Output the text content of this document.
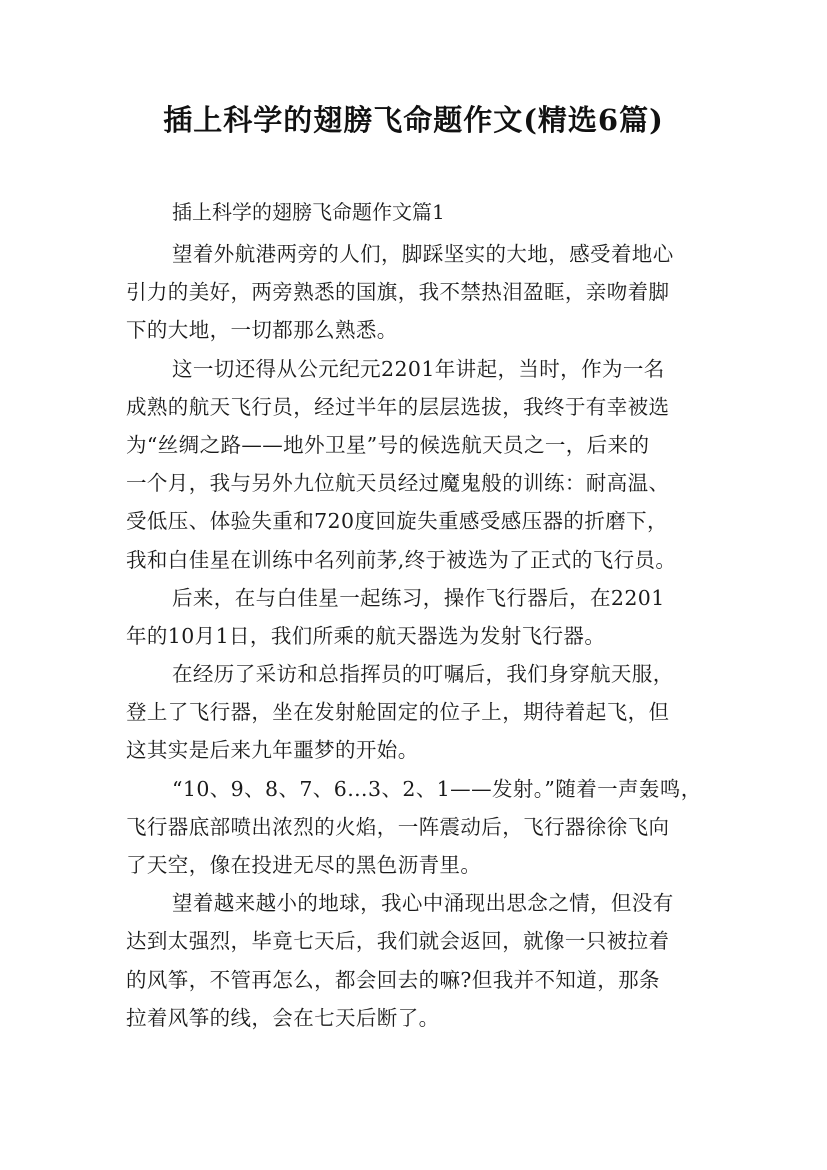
插上科学的翅膀飞命题作文(精选6篇)
插上科学的翅膀飞命题作文篇1
望着外航港两旁的人们，脚踩坚实的大地，感受着地心
引力的美好，两旁熟悉的国旗，我不禁热泪盈眶，亲吻着脚
下的大地，一切都那么熟悉。
这一切还得从公元纪元2201年讲起，当时，作为一名
成熟的航天飞行员，经过半年的层层选拔，我终于有幸被选
为“丝绸之路——地外卫星”号的候选航天员之一，后来的
一个月，我与另外九位航天员经过魔鬼般的训练：耐高温、
受低压、体验失重和720度回旋失重感受感压器的折磨下，
我和白佳星在训练中名列前茅,终于被选为了正式的飞行员。
后来，在与白佳星一起练习，操作飞行器后，在2201
年的10月1日，我们所乘的航天器选为发射飞行器。
在经历了采访和总指挥员的叮嘱后，我们身穿航天服，
登上了飞行器，坐在发射舱固定的位子上，期待着起飞，但
这其实是后来九年噩梦的开始。
“10、9、8、7、6…3、2、1——发射。”随着一声轰鸣，
飞行器底部喷出浓烈的火焰，一阵震动后，飞行器徐徐飞向
了天空，像在投进无尽的黑色沥青里。
望着越来越小的地球，我心中涌现出思念之情，但没有
达到太强烈，毕竟七天后，我们就会返回，就像一只被拉着
的风筝，不管再怎么，都会回去的嘛?但我并不知道，那条
拉着风筝的线，会在七天后断了。
